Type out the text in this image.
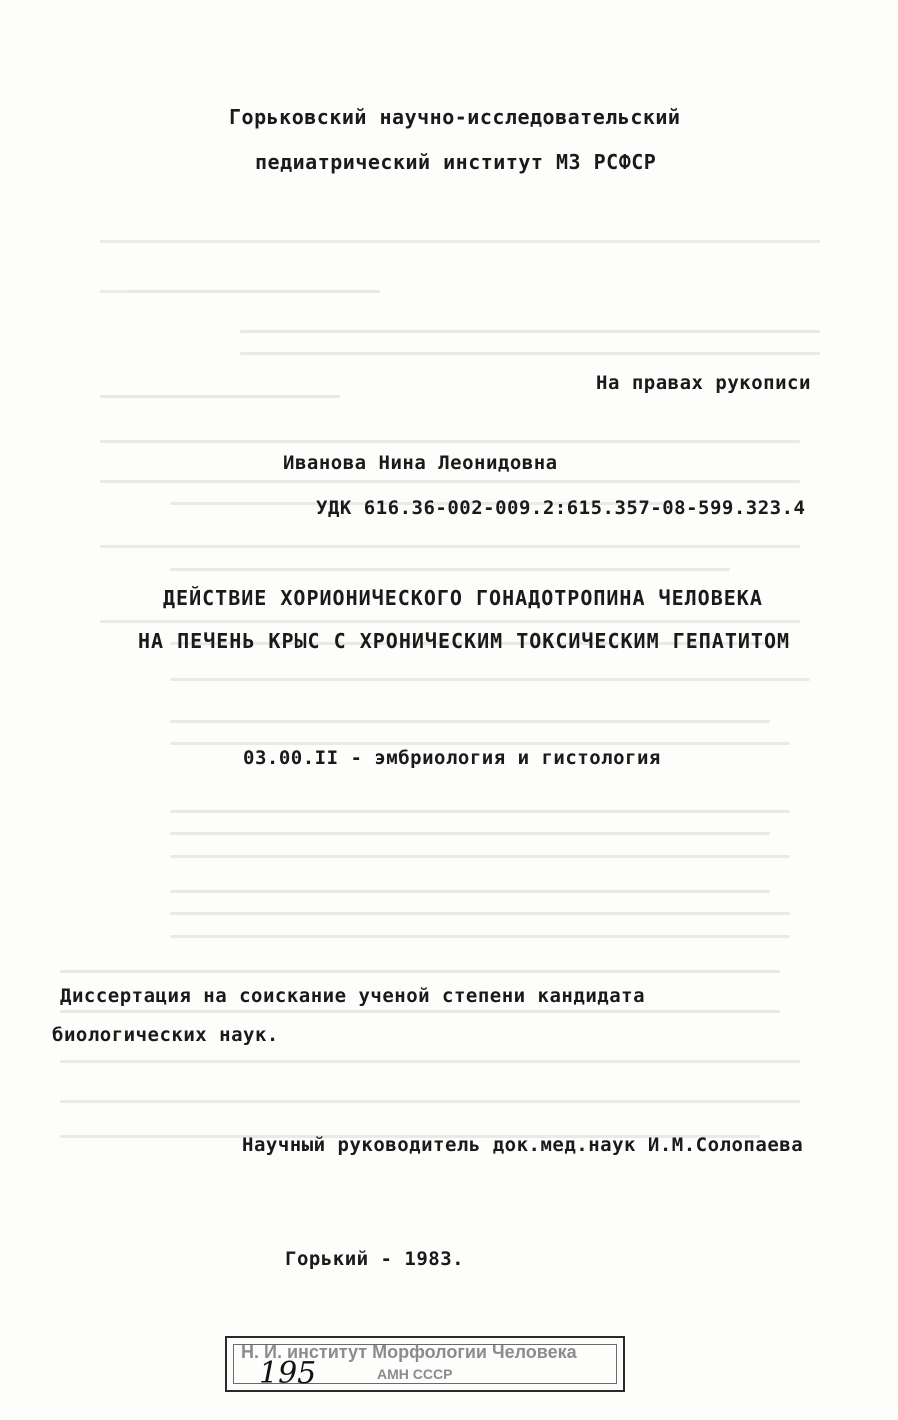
Горьковский научно-исследовательский
педиатрический институт МЗ РСФСР
На правах рукописи
Иванова Нина Леонидовна
УДК 616.36-002-009.2:615.357-08-599.323.4
ДЕЙСТВИЕ ХОРИОНИЧЕСКОГО ГОНАДОТРОПИНА ЧЕЛОВЕКА
НА ПЕЧЕНЬ КРЫС С ХРОНИЧЕСКИМ ТОКСИЧЕСКИМ ГЕПАТИТОМ
03.00.II - эмбриология и гистология
Диссертация на соискание ученой степени кандидата
биологических наук.
Научный руководитель док.мед.наук И.М.Солопаева
Горький - 1983.
Н. И. институт Морфологии Человека
АМН СССР
195
